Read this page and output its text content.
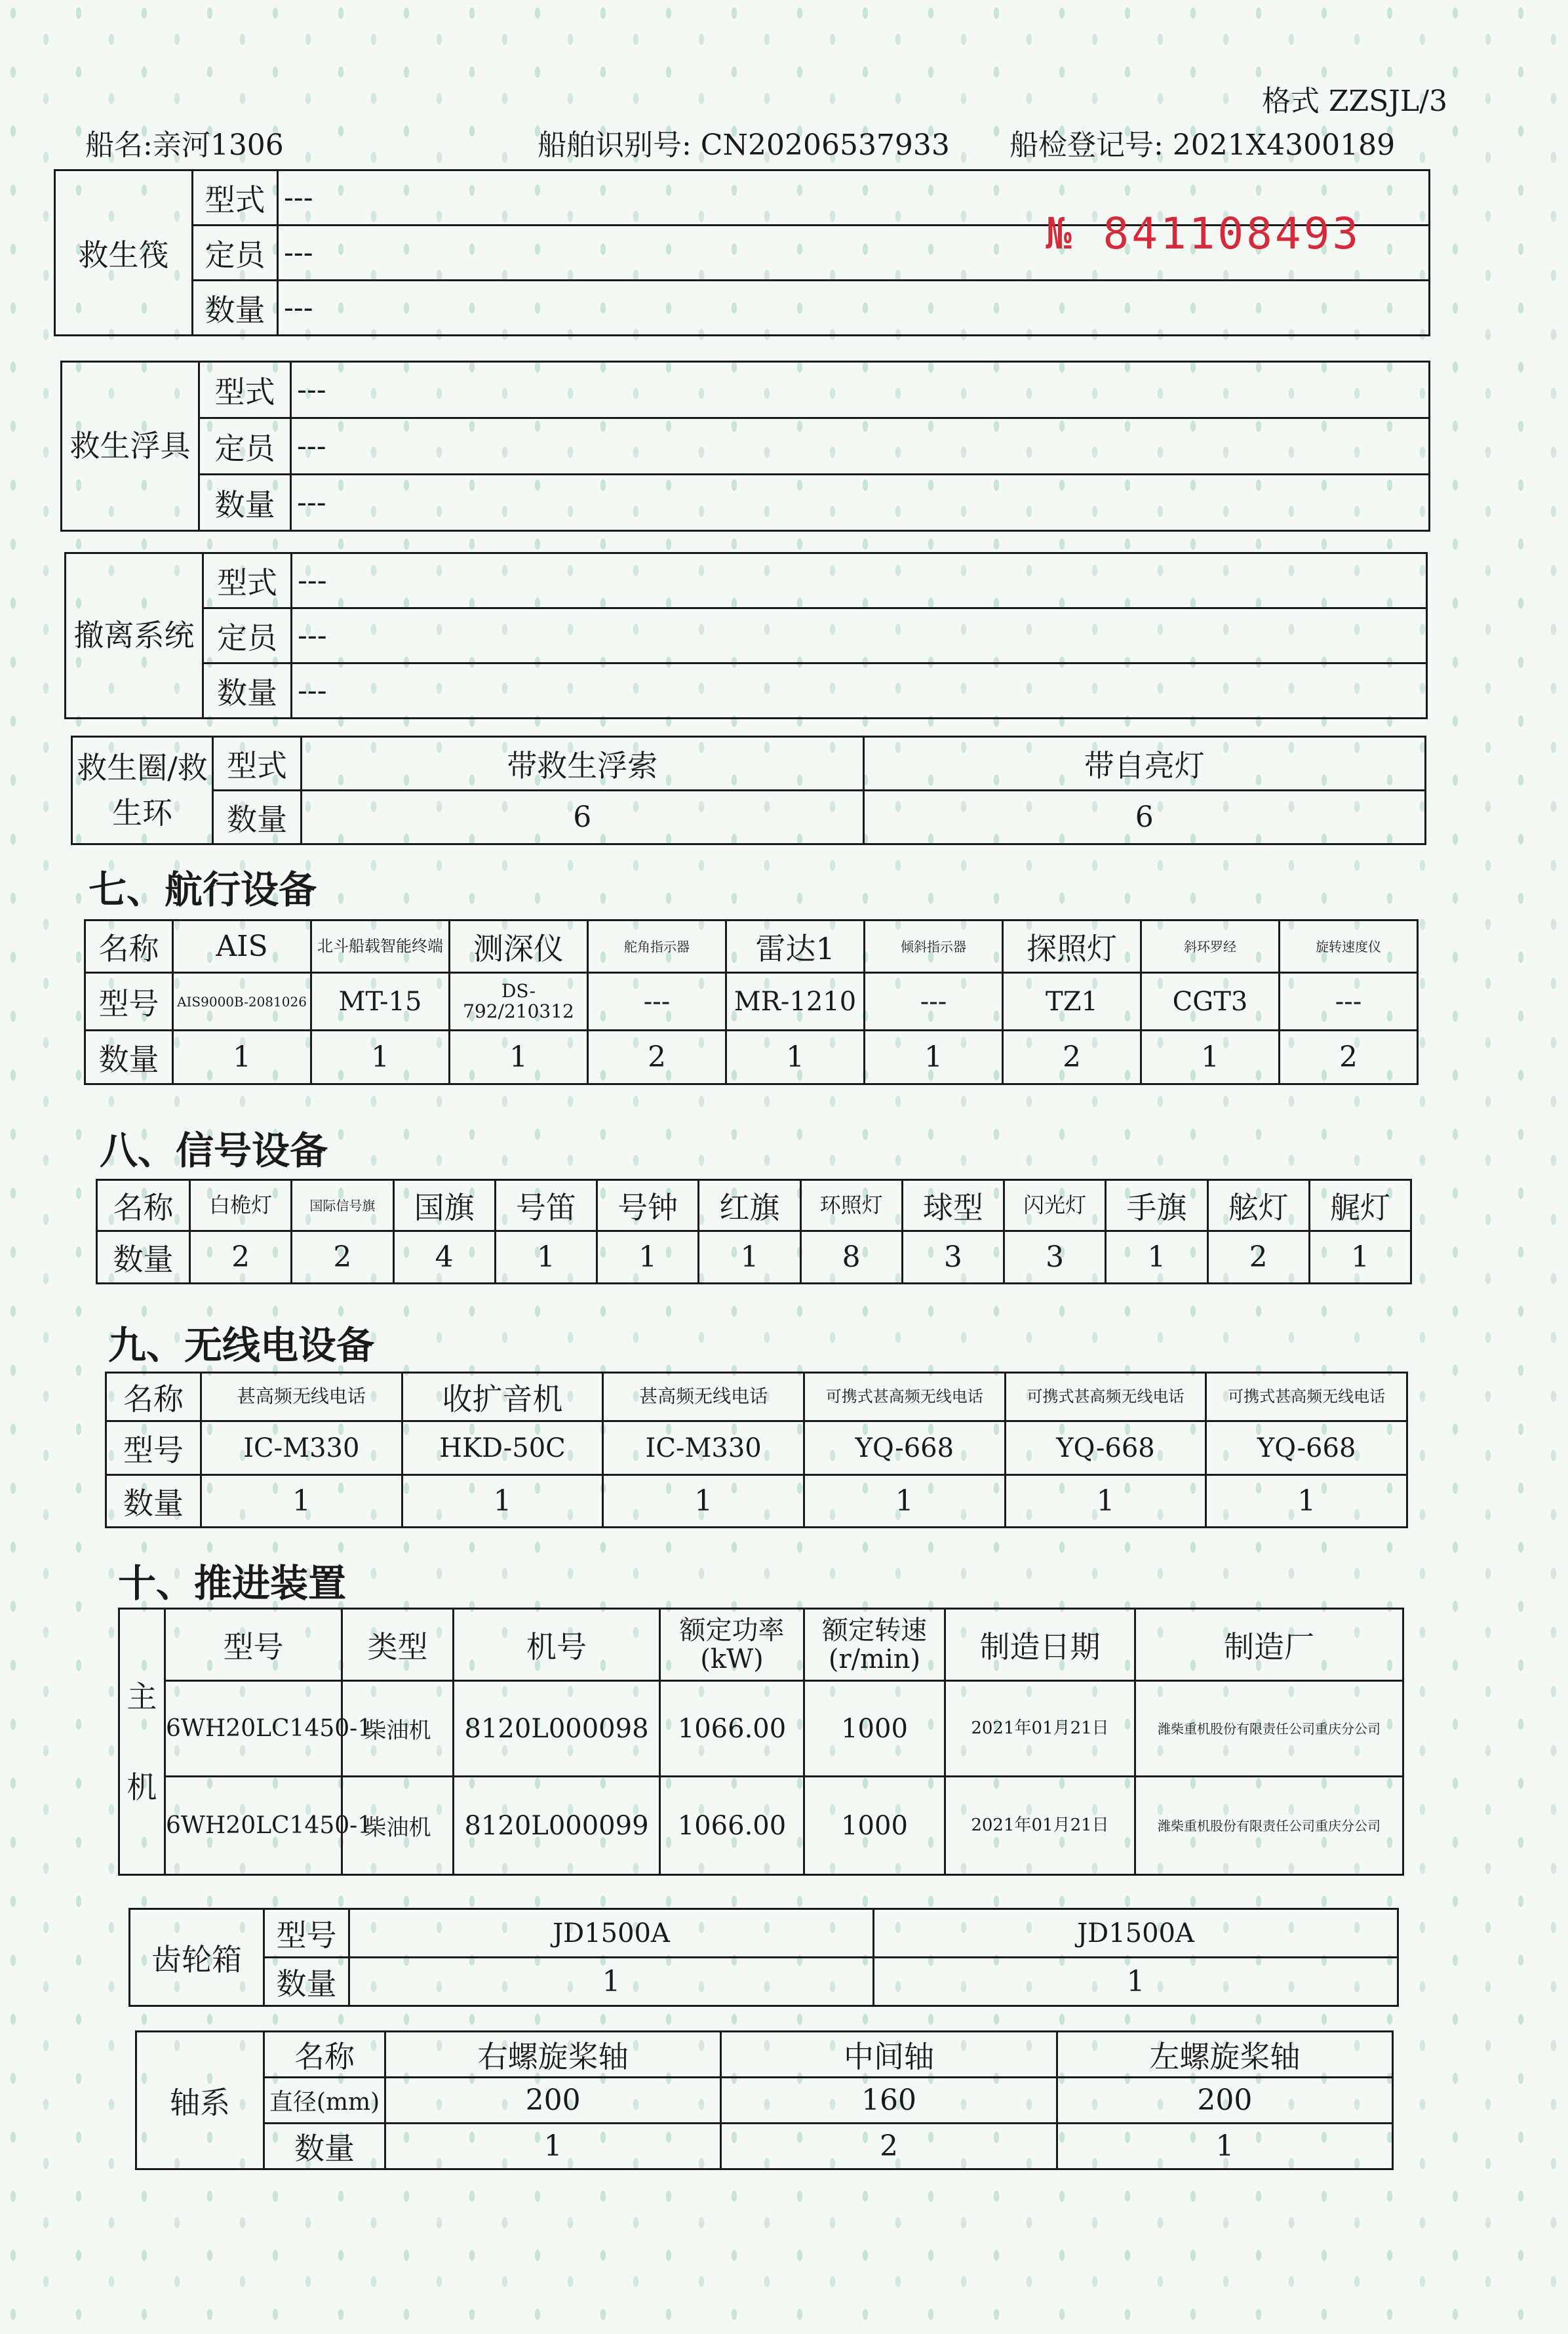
格式 ZZSJL/3
船名:亲河1306	船舶识别号: CN20206537933 船检登记号: 2021X4300189
救生筏	型式	---
	定员	---
	数量	---
№ 841108493
救生浮具	型式	---
	定员	---
	数量	---
撤离系统	型式	---
	定员	---
	数量	---
救生圈/救生环	型式	带救生浮索	带自亮灯
	数量	6	6
七、航行设备
名称	AIS	北斗船载智能终端	测深仪	舵角指示器	雷达1	倾斜指示器	探照灯	斜环罗经	旋转速度仪
型号	AIS9000B-2081026	MT-15	DS-792/210312	---	MR-1210	---	TZ1	CGT3	---
数量	1	1	1	2	1	1	2	1	2
八、信号设备
名称	白桅灯	国际信号旗	国旗	号笛	号钟	红旗	环照灯	球型	闪光灯	手旗	舷灯	艉灯
数量	2	2	4	1	1	1	8	3	3	1	2	1
九、无线电设备
名称	甚高频无线电话	收扩音机	甚高频无线电话	可携式甚高频无线电话	可携式甚高频无线电话	可携式甚高频无线电话
型号	IC-M330	HKD-50C	IC-M330	YQ-668	YQ-668	YQ-668
数量	1	1	1	1	1	1
十、推进装置
主机	型号	类型	机号	额定功率(kW)	额定转速(r/min)	制造日期	制造厂
	6WH20LC1450-1	柴油机	8120L000098	1066.00	1000	2021年01月21日	潍柴重机股份有限责任公司重庆分公司
	6WH20LC1450-1	柴油机	8120L000099	1066.00	1000	2021年01月21日	潍柴重机股份有限责任公司重庆分公司
齿轮箱	型号	JD1500A	JD1500A
	数量	1	1
轴系	名称	右螺旋桨轴	中间轴	左螺旋桨轴
	直径(mm)	200	160	200
	数量	1	2	1
